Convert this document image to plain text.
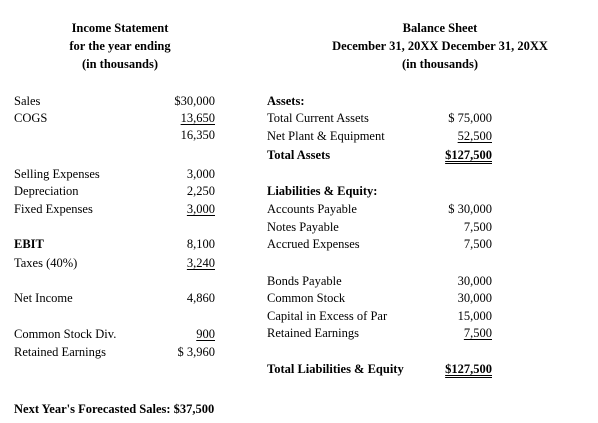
Income Statement
for the year ending
(in thousands)
Balance Sheet
December 31, 20XX December 31, 20XX
(in thousands)
Sales	$30,000
COGS	13,650
16,350
Selling Expenses	3,000
Depreciation	2,250
Fixed Expenses	3,000
EBIT	8,100
Taxes (40%)	3,240
Net Income	4,860
Common Stock Div.	900
Retained Earnings	$ 3,960
Assets:
Total Current Assets	$ 75,000
Net Plant & Equipment	52,500
Total Assets	$127,500
Liabilities & Equity:
Accounts Payable	$ 30,000
Notes Payable	7,500
Accrued Expenses	7,500
Bonds Payable	30,000
Common Stock	30,000
Capital in Excess of Par	15,000
Retained Earnings	7,500
Total Liabilities & Equity	$127,500
Next Year's Forecasted Sales: $37,500
